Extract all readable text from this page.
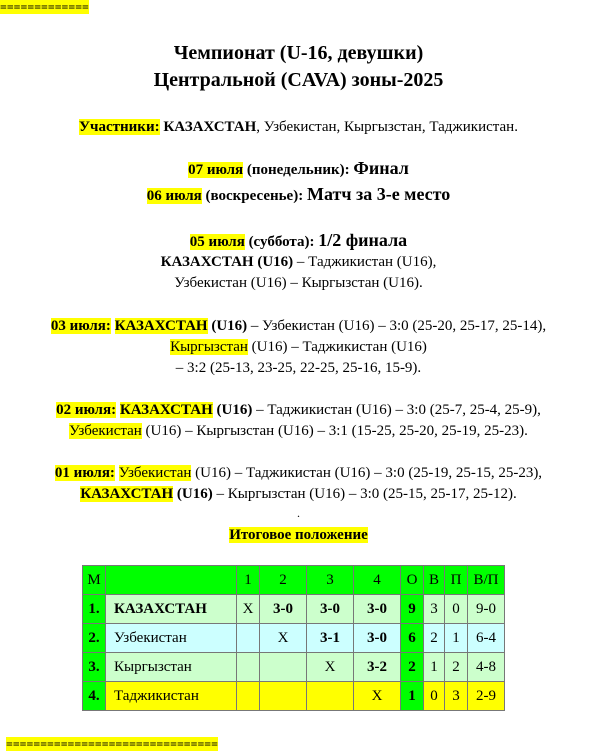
=============
Чемпионат (U-16, девушки)
Центральной (CAVA) зоны-2025
Участники: КАЗАХСТАН, Узбекистан, Кыргызстан, Таджикистан.
07 июля (понедельник): Финал
06 июля (воскресенье): Матч за 3-е место
05 июля (суббота): 1/2 финала
КАЗАХСТАН (U16) – Таджикистан (U16),
Узбекистан (U16) – Кыргызстан (U16).
03 июля: КАЗАХСТАН (U16) – Узбекистан (U16) – 3:0 (25-20, 25-17, 25-14),
Кыргызстан (U16) – Таджикистан (U16)
– 3:2 (25-13, 23-25, 22-25, 25-16, 15-9).
02 июля: КАЗАХСТАН (U16) – Таджикистан (U16) – 3:0 (25-7, 25-4, 25-9),
Узбекистан (U16) – Кыргызстан (U16) – 3:1 (15-25, 25-20, 25-19, 25-23).
01 июля: Узбекистан (U16) – Таджикистан (U16) – 3:0 (25-19, 25-15, 25-23),
КАЗАХСТАН (U16) – Кыргызстан (U16) – 3:0 (25-15, 25-17, 25-12).
.
Итоговое положение
М		1	2	3	4	О	В	П	В/П
1.	КАЗАХСТАН	X	3-0	3-0	3-0	9	3	0	9-0
2.	Узбекистан		X	3-1	3-0	6	2	1	6-4
3.	Кыргызстан			X	3-2	2	1	2	4-8
4.	Таджикистан				X	1	0	3	2-9
===============================
